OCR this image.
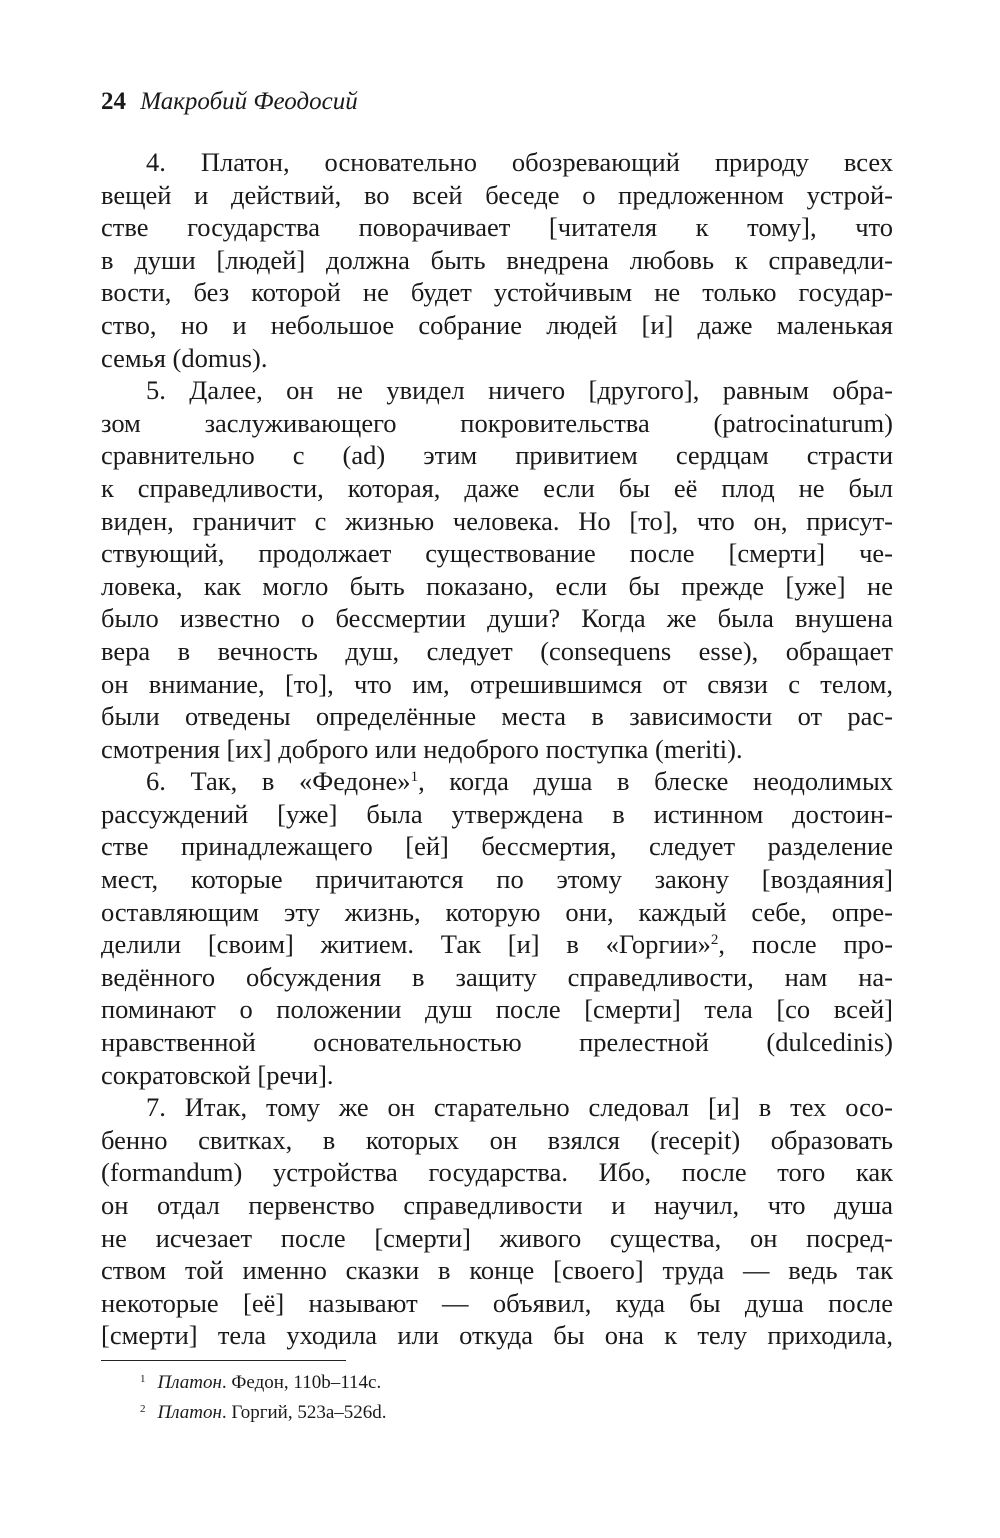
24 Макробий Феодосий
4. Платон, основательно обозревающий природу всех
вещей и действий, во всей беседе о предложенном устрой-
стве государства поворачивает [читателя к тому], что
в души [людей] должна быть внедрена любовь к справедли-
вости, без которой не будет устойчивым не только государ-
ство, но и небольшое собрание людей [и] даже маленькая
семья (domus).
5. Далее, он не увидел ничего [другого], равным обра-
зом заслуживающего покровительства (patrocinaturum)
сравнительно с (ad) этим привитием сердцам страсти
к справедливости, которая, даже если бы её плод не был
виден, граничит с жизнью человека. Но [то], что он, присут-
ствующий, продолжает существование после [смерти] че-
ловека, как могло быть показано, если бы прежде [уже] не
было известно о бессмертии души? Когда же была внушена
вера в вечность душ, следует (consequens esse), обращает
он внимание, [то], что им, отрешившимся от связи с телом,
были отведены определённые места в зависимости от рас-
смотрения [их] доброго или недоброго поступка (meriti).
6. Так, в «Федоне»$^1$, когда душа в блеске неодолимых
рассуждений [уже] была утверждена в истинном достоин-
стве принадлежащего [ей] бессмертия, следует разделение
мест, которые причитаются по этому закону [воздаяния]
оставляющим эту жизнь, которую они, каждый себе, опре-
делили [своим] житием. Так [и] в «Горгии»$^2$, после про-
ведённого обсуждения в защиту справедливости, нам на-
поминают о положении душ после [смерти] тела [со всей]
нравственной основательностью прелестной (dulcedinis)
сократовской [речи].
7. Итак, тому же он старательно следовал [и] в тех осо-
бенно свитках, в которых он взялся (recepit) образовать
(formandum) устройства государства. Ибо, после того как
он отдал первенство справедливости и научил, что душа
не исчезает после [смерти] живого существа, он посред-
ством той именно сказки в конце [своего] труда — ведь так
некоторые [её] называют — объявил, куда бы душа после
[смерти] тела уходила или откуда бы она к телу приходила,
$^1$ Платон. Федон, 110b–114c.
$^2$ Платон. Горгий, 523a–526d.
